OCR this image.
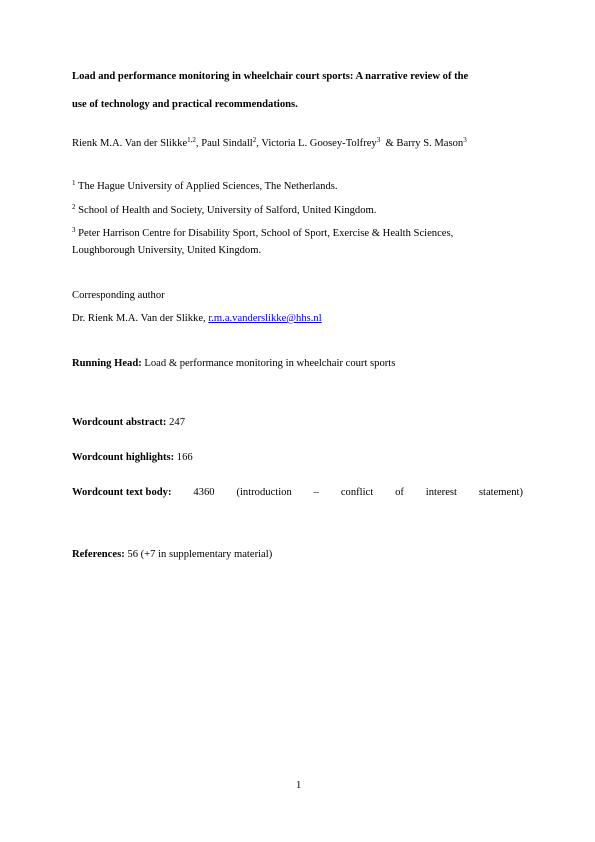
Load and performance monitoring in wheelchair court sports: A narrative review of the
use of technology and practical recommendations.
Rienk M.A. Van der Slikke$^{1,2}$, Paul Sindall$^2$, Victoria L. Goosey-Tolfrey$^3$  & Barry S. Mason$^3$
$^1$ The Hague University of Applied Sciences, The Netherlands.
$^2$ School of Health and Society, University of Salford, United Kingdom.
$^3$ Peter Harrison Centre for Disability Sport, School of Sport, Exercise & Health Sciences,
Loughborough University, United Kingdom.
Corresponding author
Dr. Rienk M.A. Van der Slikke, r.m.a.vanderslikke@hhs.nl
Running Head: Load & performance monitoring in wheelchair court sports
Wordcount abstract: 247
Wordcount highlights: 166
Wordcount text body: 4360 (introduction – conflict of interest statement)
References: 56 (+7 in supplementary material)
1
